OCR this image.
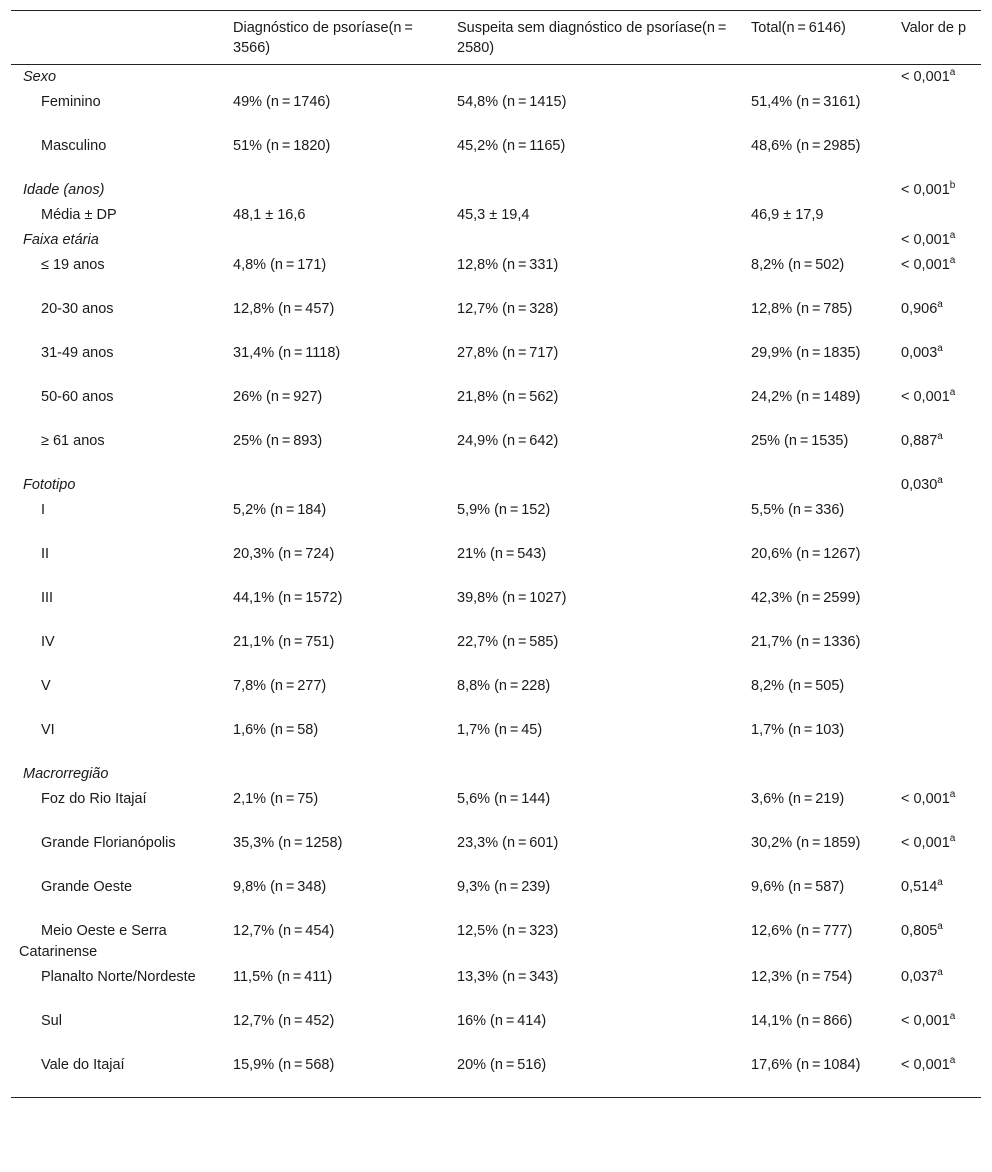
	Diagnóstico de psoríase(n = 3566)	Suspeita sem diagnóstico de psoríase(n = 2580)	Total(n = 6146)	Valor de p
Sexo				< 0,001$^a$
Feminino	49% (n = 1746)	54,8% (n = 1415)	51,4% (n = 3161)	
Masculino	51% (n = 1820)	45,2% (n = 1165)	48,6% (n = 2985)	
Idade (anos)				< 0,001$^b$
Média ± DP	48,1 ± 16,6	45,3 ± 19,4	46,9 ± 17,9	
Faixa etária				< 0,001$^a$
≤ 19 anos	4,8% (n = 171)	12,8% (n = 331)	8,2% (n = 502)	< 0,001$^a$
20-30 anos	12,8% (n = 457)	12,7% (n = 328)	12,8% (n = 785)	0,906$^a$
31-49 anos	31,4% (n = 1118)	27,8% (n = 717)	29,9% (n = 1835)	0,003$^a$
50-60 anos	26% (n = 927)	21,8% (n = 562)	24,2% (n = 1489)	< 0,001$^a$
≥ 61 anos	25% (n = 893)	24,9% (n = 642)	25% (n = 1535)	0,887$^a$
Fototipo				0,030$^a$
I	5,2% (n = 184)	5,9% (n = 152)	5,5% (n = 336)	
II	20,3% (n = 724)	21% (n = 543)	20,6% (n = 1267)	
III	44,1% (n = 1572)	39,8% (n = 1027)	42,3% (n = 2599)	
IV	21,1% (n = 751)	22,7% (n = 585)	21,7% (n = 1336)	
V	7,8% (n = 277)	8,8% (n = 228)	8,2% (n = 505)	
VI	1,6% (n = 58)	1,7% (n = 45)	1,7% (n = 103)	
Macrorregião				
Foz do Rio Itajaí	2,1% (n = 75)	5,6% (n = 144)	3,6% (n = 219)	< 0,001$^a$
Grande Florianópolis	35,3% (n = 1258)	23,3% (n = 601)	30,2% (n = 1859)	< 0,001$^a$
Grande Oeste	9,8% (n = 348)	9,3% (n = 239)	9,6% (n = 587)	0,514$^a$
Meio Oeste e Serra Catarinense	12,7% (n = 454)	12,5% (n = 323)	12,6% (n = 777)	0,805$^a$
Planalto Norte/Nordeste	11,5% (n = 411)	13,3% (n = 343)	12,3% (n = 754)	0,037$^a$
Sul	12,7% (n = 452)	16% (n = 414)	14,1% (n = 866)	< 0,001$^a$
Vale do Itajaí	15,9% (n = 568)	20% (n = 516)	17,6% (n = 1084)	< 0,001$^a$
